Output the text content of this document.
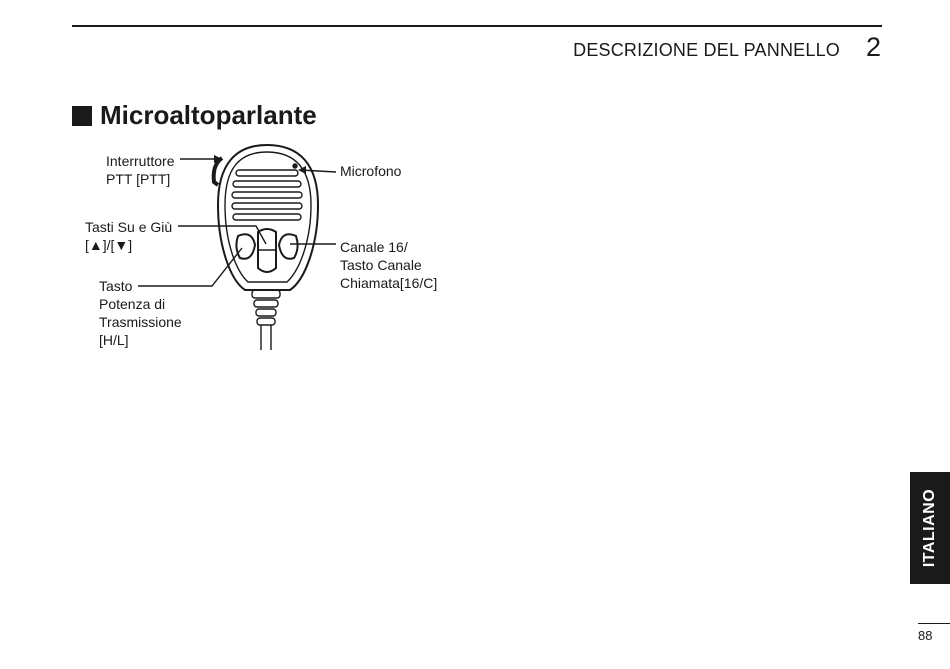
DESCRIZIONE DEL PANNELLO 2
Microaltoparlante
Interruttore
PTT [PTT]
Tasti Su e Giù
[▲]/[▼]
Tasto
Potenza di
Trasmissione
[H/L]
Microfono
Canale 16/
Tasto Canale
Chiamata[16/C]
ITALIANO
88
